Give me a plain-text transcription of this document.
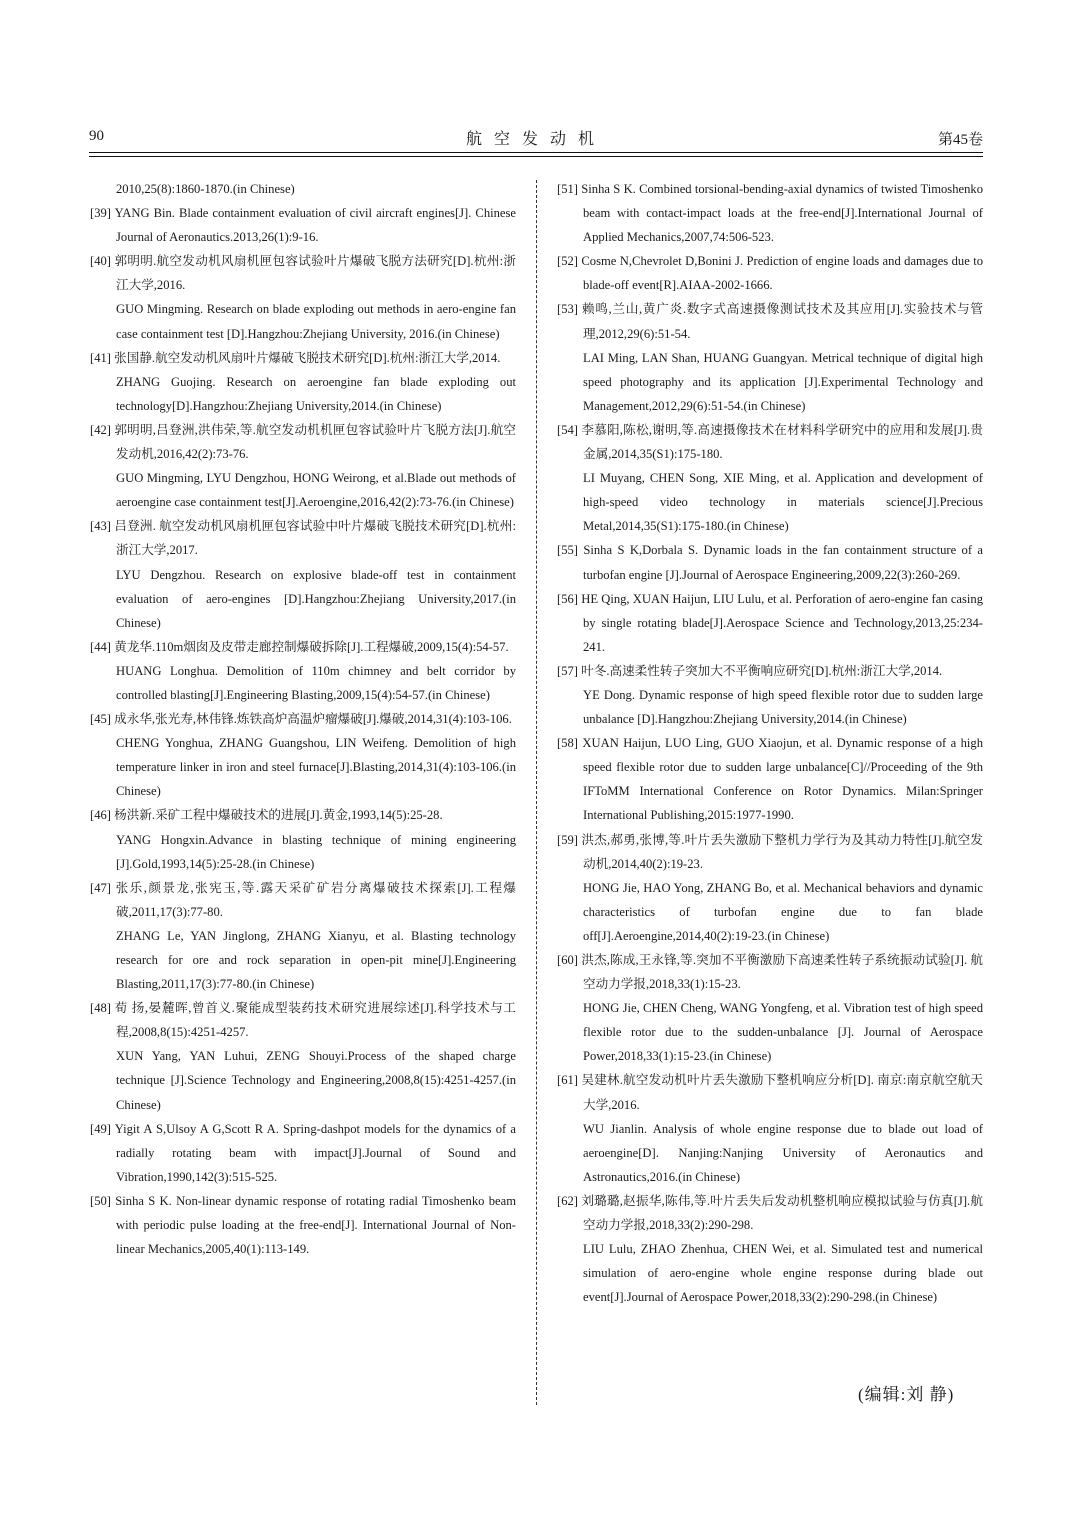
90	航空发动机	第45卷
2010,25(8):1860-1870.(in Chinese)
[39] YANG Bin. Blade containment evaluation of civil aircraft engines[J]. Chinese Journal of Aeronautics.2013,26(1):9-16.
[40] 郭明明.航空发动机风扇机匣包容试验叶片爆破飞脱方法研究[D].杭州:浙江大学,2016.
GUO Mingming. Research on blade exploding out methods in aero-engine fan case containment test [D].Hangzhou:Zhejiang University, 2016.(in Chinese)
[41] 张国静.航空发动机风扇叶片爆破飞脱技术研究[D].杭州:浙江大学,2014.
ZHANG Guojing. Research on aeroengine fan blade exploding out technology[D].Hangzhou:Zhejiang University,2014.(in Chinese)
[42] 郭明明,吕登洲,洪伟荣,等.航空发动机机匣包容试验叶片飞脱方法[J].航空发动机,2016,42(2):73-76.
GUO Mingming, LYU Dengzhou, HONG Weirong, et al.Blade out methods of aeroengine case containment test[J].Aeroengine,2016,42(2):73-76.(in Chinese)
[43] 吕登洲. 航空发动机风扇机匣包容试验中叶片爆破飞脱技术研究[D].杭州:浙江大学,2017.
LYU Dengzhou. Research on explosive blade-off test in containment evaluation of aero-engines [D].Hangzhou:Zhejiang University,2017.(in Chinese)
[44] 黄龙华.110m烟囱及皮带走廊控制爆破拆除[J].工程爆破,2009,15(4):54-57.
HUANG Longhua. Demolition of 110m chimney and belt corridor by controlled blasting[J].Engineering Blasting,2009,15(4):54-57.(in Chinese)
[45] 成永华,张光寿,林伟锋.炼铁高炉高温炉瘤爆破[J].爆破,2014,31(4):103-106.
CHENG Yonghua, ZHANG Guangshou, LIN Weifeng. Demolition of high temperature linker in iron and steel furnace[J].Blasting,2014,31(4):103-106.(in Chinese)
[46] 杨洪新.采矿工程中爆破技术的进展[J].黄金,1993,14(5):25-28.
YANG Hongxin.Advance in blasting technique of mining engineering [J].Gold,1993,14(5):25-28.(in Chinese)
[47] 张乐,颜景龙,张宪玉,等.露天采矿矿岩分离爆破技术探索[J].工程爆破,2011,17(3):77-80.
ZHANG Le, YAN Jinglong, ZHANG Xianyu, et al. Blasting technology research for ore and rock separation in open-pit mine[J].Engineering Blasting,2011,17(3):77-80.(in Chinese)
[48] 荀 扬,晏麓晖,曾首义.聚能成型装药技术研究进展综述[J].科学技术与工程,2008,8(15):4251-4257.
XUN Yang, YAN Luhui, ZENG Shouyi.Process of the shaped charge technique [J].Science Technology and Engineering,2008,8(15):4251-4257.(in Chinese)
[49] Yigit A S,Ulsoy A G,Scott R A. Spring-dashpot models for the dynamics of a radially rotating beam with impact[J].Journal of Sound and Vibration,1990,142(3):515-525.
[50] Sinha S K. Non-linear dynamic response of rotating radial Timoshenko beam with periodic pulse loading at the free-end[J]. International Journal of Non-linear Mechanics,2005,40(1):113-149.
[51] Sinha S K. Combined torsional-bending-axial dynamics of twisted Timoshenko beam with contact-impact loads at the free-end[J].International Journal of Applied Mechanics,2007,74:506-523.
[52] Cosme N,Chevrolet D,Bonini J. Prediction of engine loads and damages due to blade-off event[R].AIAA-2002-1666.
[53] 赖鸣,兰山,黄广炎.数字式高速摄像测试技术及其应用[J].实验技术与管理,2012,29(6):51-54.
LAI Ming, LAN Shan, HUANG Guangyan. Metrical technique of digital high speed photography and its application [J].Experimental Technology and Management,2012,29(6):51-54.(in Chinese)
[54] 李慕阳,陈松,谢明,等.高速摄像技术在材料科学研究中的应用和发展[J].贵金属,2014,35(S1):175-180.
LI Muyang, CHEN Song, XIE Ming, et al. Application and development of high-speed video technology in materials science[J].Precious Metal,2014,35(S1):175-180.(in Chinese)
[55] Sinha S K,Dorbala S. Dynamic loads in the fan containment structure of a turbofan engine [J].Journal of Aerospace Engineering,2009,22(3):260-269.
[56] HE Qing, XUAN Haijun, LIU Lulu, et al. Perforation of aero-engine fan casing by single rotating blade[J].Aerospace Science and Technology,2013,25:234-241.
[57] 叶冬.高速柔性转子突加大不平衡响应研究[D].杭州:浙江大学,2014.
YE Dong. Dynamic response of high speed flexible rotor due to sudden large unbalance [D].Hangzhou:Zhejiang University,2014.(in Chinese)
[58] XUAN Haijun, LUO Ling, GUO Xiaojun, et al. Dynamic response of a high speed flexible rotor due to sudden large unbalance[C]//Proceeding of the 9th IFToMM International Conference on Rotor Dynamics. Milan:Springer International Publishing,2015:1977-1990.
[59] 洪杰,郝勇,张博,等.叶片丢失激励下整机力学行为及其动力特性[J].航空发动机,2014,40(2):19-23.
HONG Jie, HAO Yong, ZHANG Bo, et al. Mechanical behaviors and dynamic characteristics of turbofan engine due to fan blade off[J].Aeroengine,2014,40(2):19-23.(in Chinese)
[60] 洪杰,陈成,王永锋,等.突加不平衡激励下高速柔性转子系统振动试验[J]. 航空动力学报,2018,33(1):15-23.
HONG Jie, CHEN Cheng, WANG Yongfeng, et al. Vibration test of high speed flexible rotor due to the sudden-unbalance [J]. Journal of Aerospace Power,2018,33(1):15-23.(in Chinese)
[61] 吴建林.航空发动机叶片丢失激励下整机响应分析[D]. 南京:南京航空航天大学,2016.
WU Jianlin. Analysis of whole engine response due to blade out load of aeroengine[D]. Nanjing:Nanjing University of Aeronautics and Astronautics,2016.(in Chinese)
[62] 刘璐璐,赵振华,陈伟,等.叶片丢失后发动机整机响应模拟试验与仿真[J].航空动力学报,2018,33(2):290-298.
LIU Lulu, ZHAO Zhenhua, CHEN Wei, et al. Simulated test and numerical simulation of aero-engine whole engine response during blade out event[J].Journal of Aerospace Power,2018,33(2):290-298.(in Chinese)
(编辑:刘 静)
